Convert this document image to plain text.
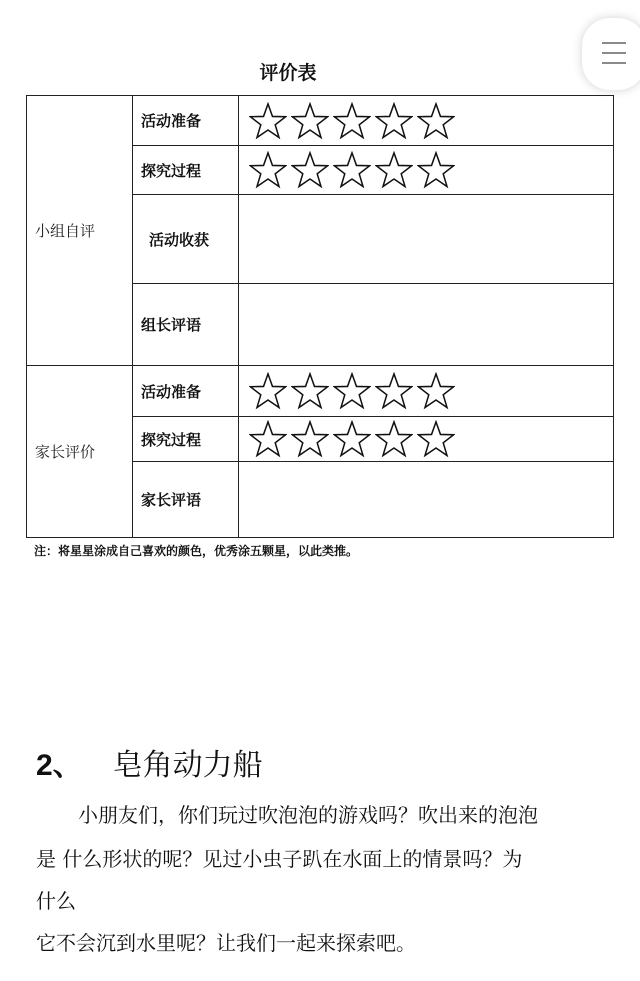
评价表
小组自评	活动准备	

	探究过程	

	活动收获	
	组长评语	
家长评价	活动准备	

	探究过程	

	家长评语	
注：将星星涂成自己喜欢的颜色，优秀涂五颗星，以此类推。
2、 皂角动力船
小朋友们，你们玩过吹泡泡的游戏吗？吹出来的泡泡
是 什么形状的呢？见过小虫子趴在水面上的情景吗？为
什么
它不会沉到水里呢？让我们一起来探索吧。
